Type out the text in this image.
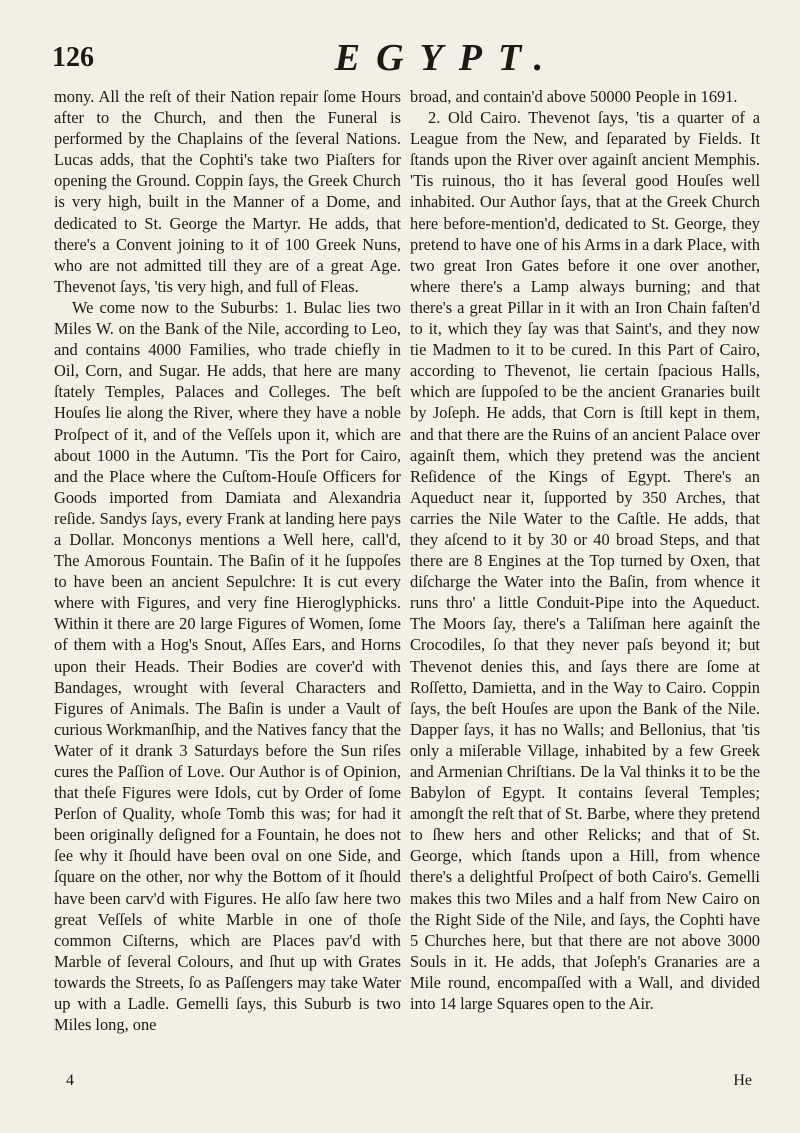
126	EGYPT.

mony. All the reſt of their Nation repair ſome Hours after to the Church, and then the Funeral is performed by the Chaplains of the ſeveral Nations. Lucas adds, that the Cophti's take two Piaſters for opening the Ground. Coppin ſays, the Greek Church is very high, built in the Manner of a Dome, and dedicated to St. George the Martyr. He adds, that there's a Convent joining to it of 100 Greek Nuns, who are not admitted till they are of a great Age. Thevenot ſays, 'tis very high, and full of Fleas.

We come now to the Suburbs: 1. Bulac lies two Miles W. on the Bank of the Nile, according to Leo, and contains 4000 Families, who trade chiefly in Oil, Corn, and Sugar. He adds, that here are many ſtately Temples, Palaces and Colleges. The beſt Houſes lie along the River, where they have a noble Proſpect of it, and of the Veſſels upon it, which are about 1000 in the Autumn. 'Tis the Port for Cairo, and the Place where the Cuſtom-Houſe Officers for Goods imported from Damiata and Alexandria reſide. Sandys ſays, every Frank at landing here pays a Dollar. Monconys mentions a Well here, call'd, The Amorous Fountain. The Baſin of it he ſuppoſes to have been an ancient Sepulchre: It is cut every where with Figures, and very fine Hieroglyphicks. Within it there are 20 large Figures of Women, ſome of them with a Hog's Snout, Aſſes Ears, and Horns upon their Heads. Their Bodies are cover'd with Bandages, wrought with ſeveral Characters and Figures of Animals. The Baſin is under a Vault of curious Workmanſhip, and the Natives fancy that the Water of it drank 3 Saturdays before the Sun riſes cures the Paſſion of Love. Our Author is of Opinion, that theſe Figures were Idols, cut by Order of ſome Perſon of Quality, whoſe Tomb this was; for had it been originally deſigned for a Fountain, he does not ſee why it ſhould have been oval on one Side, and ſquare on the other, nor why the Bottom of it ſhould have been carv'd with Figures. He alſo ſaw here two great Veſſels of white Marble in one of thoſe common Ciſterns, which are Places pav'd with Marble of ſeveral Colours, and ſhut up with Grates towards the Streets, ſo as Paſſengers may take Water up with a Ladle. Gemelli ſays, this Suburb is two Miles long, one

broad, and contain'd above 50000 People in 1691.

2. Old Cairo. Thevenot ſays, 'tis a quarter of a League from the New, and ſeparated by Fields. It ſtands upon the River over againſt ancient Memphis. 'Tis ruinous, tho it has ſeveral good Houſes well inhabited. Our Author ſays, that at the Greek Church here before-mention'd, dedicated to St. George, they pretend to have one of his Arms in a dark Place, with two great Iron Gates before it one over another, where there's a Lamp always burning; and that there's a great Pillar in it with an Iron Chain faſten'd to it, which they ſay was that Saint's, and they now tie Madmen to it to be cured. In this Part of Cairo, according to Thevenot, lie certain ſpacious Halls, which are ſuppoſed to be the ancient Granaries built by Joſeph. He adds, that Corn is ſtill kept in them, and that there are the Ruins of an ancient Palace over againſt them, which they pretend was the ancient Reſidence of the Kings of Egypt. There's an Aqueduct near it, ſupported by 350 Arches, that carries the Nile Water to the Caſtle. He adds, that they aſcend to it by 30 or 40 broad Steps, and that there are 8 Engines at the Top turned by Oxen, that diſcharge the Water into the Baſin, from whence it runs thro' a little Conduit-Pipe into the Aqueduct. The Moors ſay, there's a Taliſman here againſt the Crocodiles, ſo that they never paſs beyond it; but Thevenot denies this, and ſays there are ſome at Roſſetto, Damietta, and in the Way to Cairo. Coppin ſays, the beſt Houſes are upon the Bank of the Nile. Dapper ſays, it has no Walls; and Bellonius, that 'tis only a miſerable Village, inhabited by a few Greek and Armenian Chriſtians. De la Val thinks it to be the Babylon of Egypt. It contains ſeveral Temples; amongſt the reſt that of St. Barbe, where they pretend to ſhew hers and other Relicks; and that of St. George, which ſtands upon a Hill, from whence there's a delightful Proſpect of both Cairo's. Gemelli makes this two Miles and a half from New Cairo on the Right Side of the Nile, and ſays, the Cophti have 5 Churches here, but that there are not above 3000 Souls in it. He adds, that Joſeph's Granaries are a Mile round, encompaſſed with a Wall, and divided into 14 large Squares open to the Air.

4	He
